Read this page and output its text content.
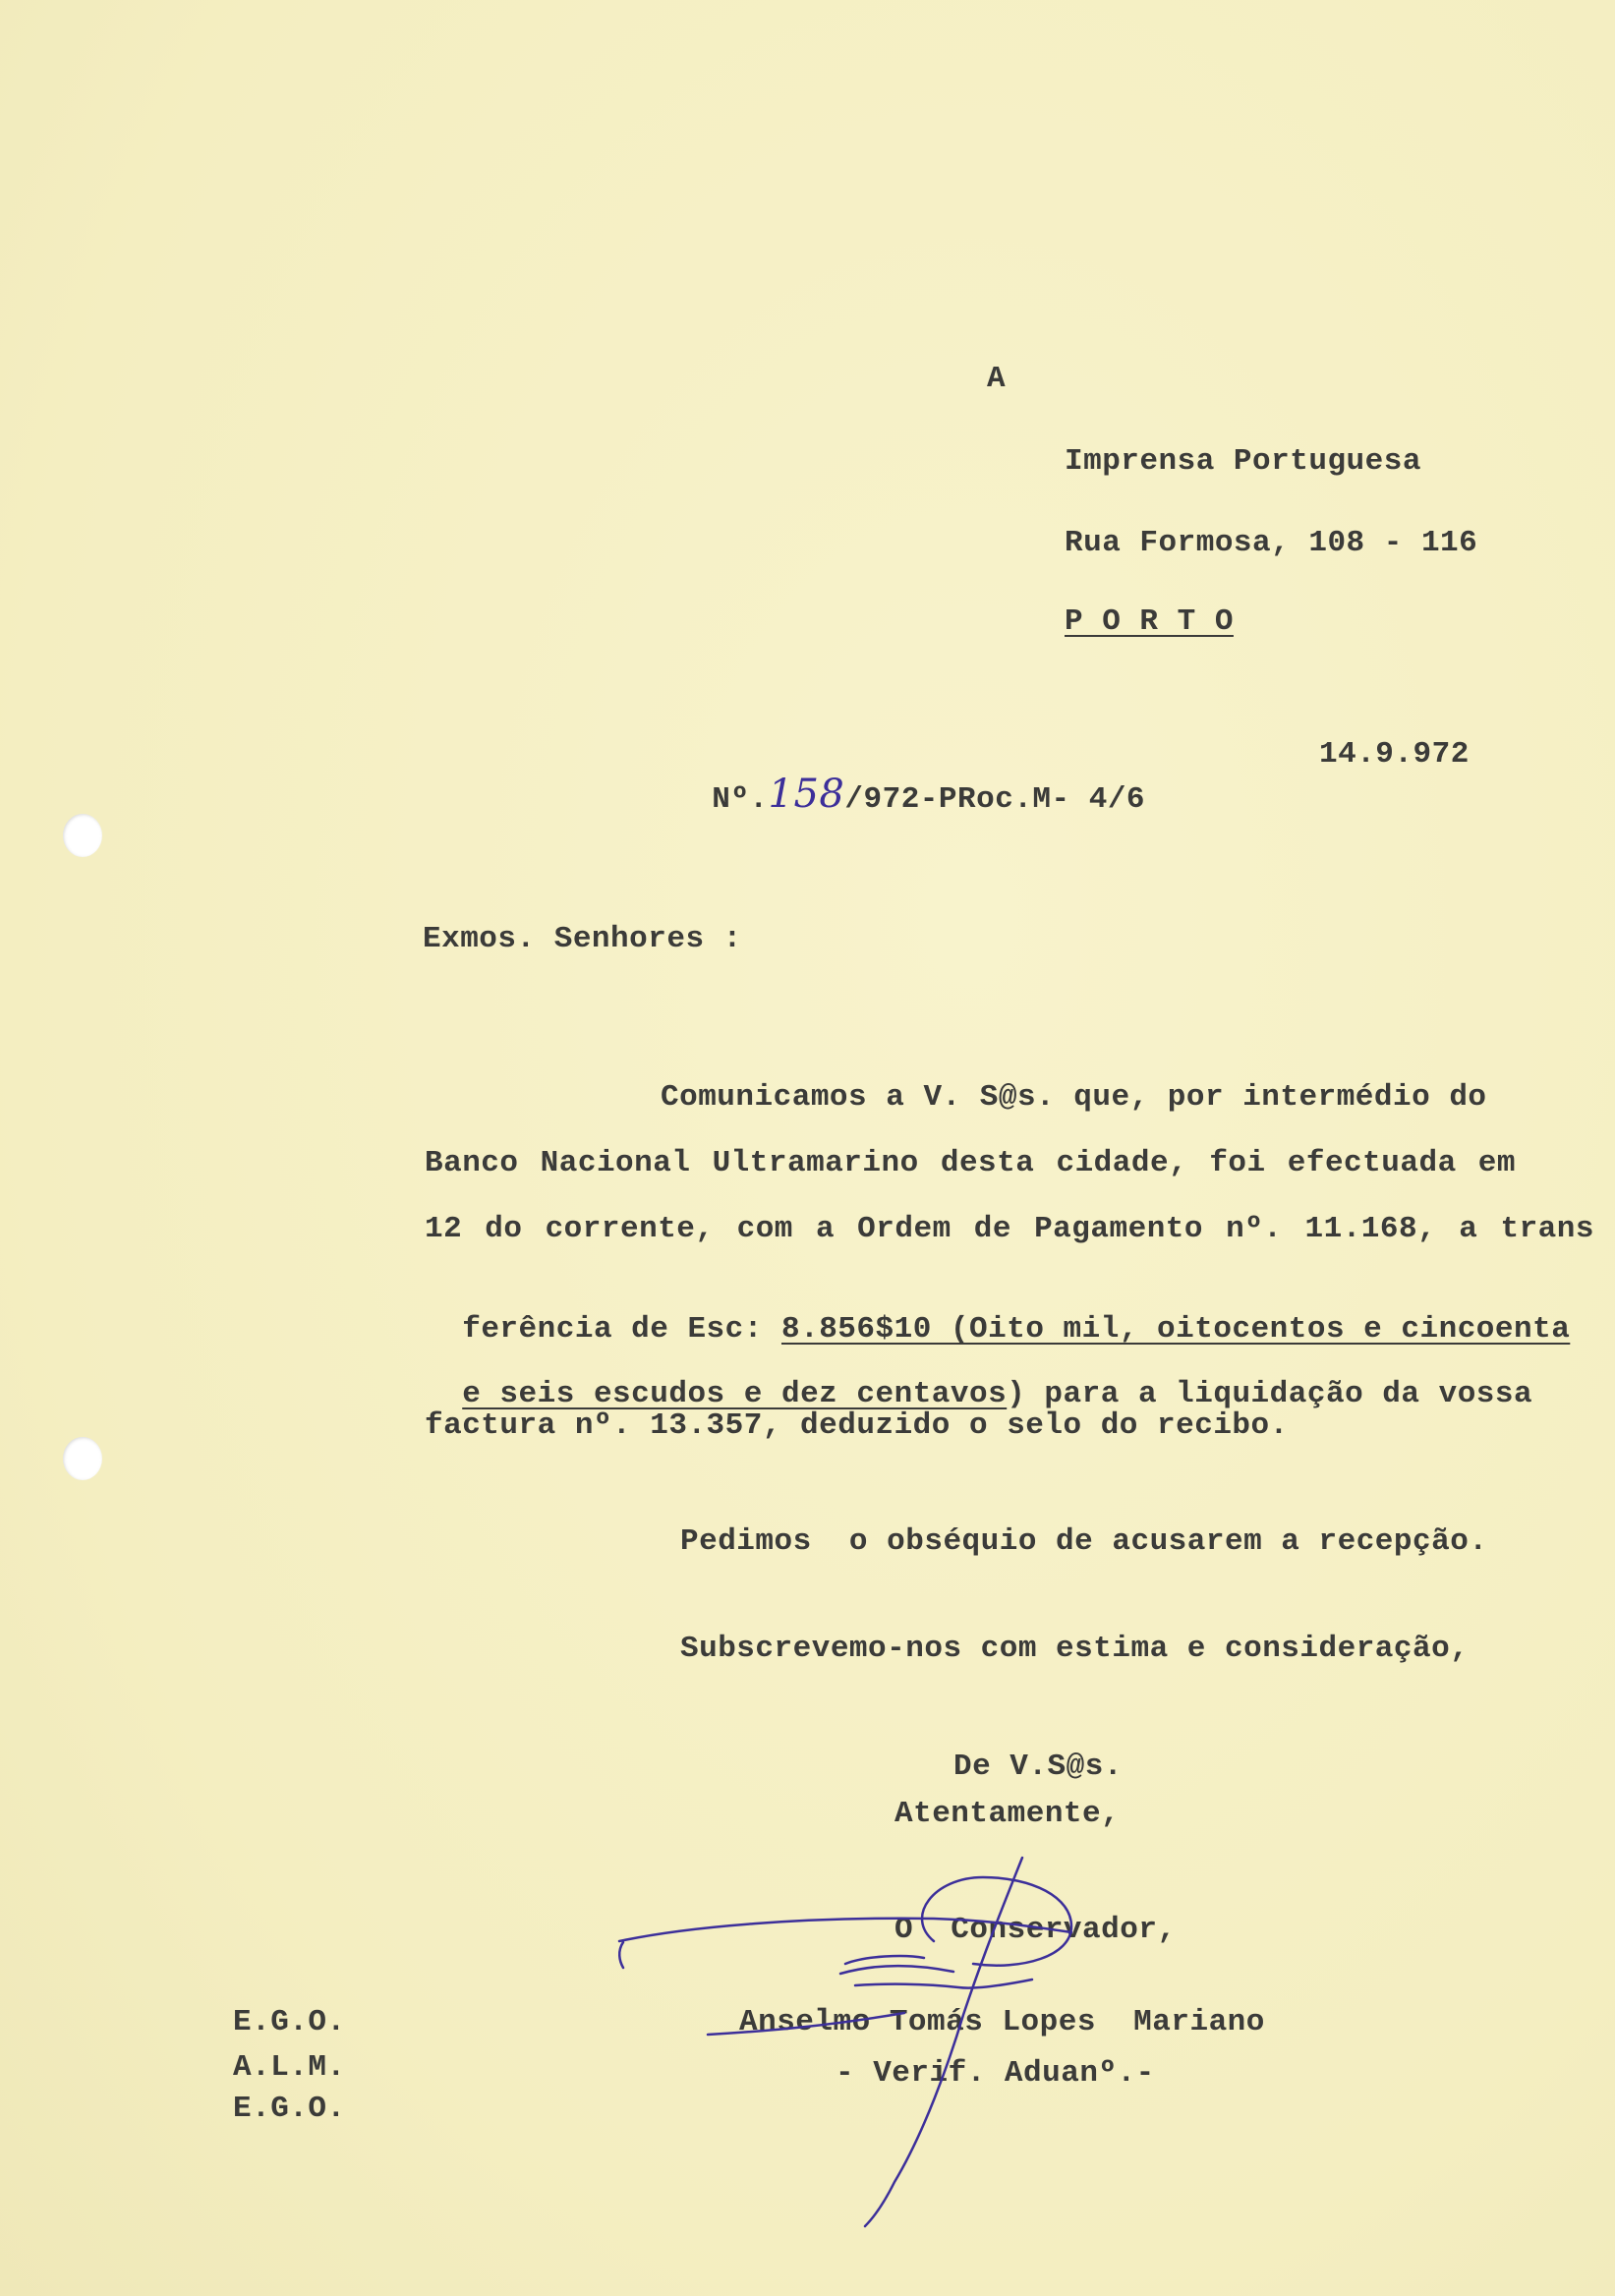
A
Imprensa Portuguesa
Rua Formosa, 108 - 116
P O R T O

Nº.158/972-PRoc.M- 4/6

14.9.972
Exmos. Senhores :
Comunicamos a V. S@s. que, por intermédio do
Banco Nacional Ultramarino desta cidade, foi efectuada em
12 do corrente, com a Ordem de Pagamento nº. 11.168, a trans

ferência de Esc: 8.856$10 (Oito mil, oitocentos e cincoenta

e seis escudos e dez centavos) para a liquidação da vossa

factura nº. 13.357, deduzido o selo do recibo.
Pedimos  o obséquio de acusarem a recepção.
Subscrevemo-nos com estima e consideração,
De V.S@s.
Atentamente,
O  Conservador,
Anselmo Tomás Lopes  Mariano
- Verif. Aduanº.-
E.G.O.
A.L.M.
E.G.O.
